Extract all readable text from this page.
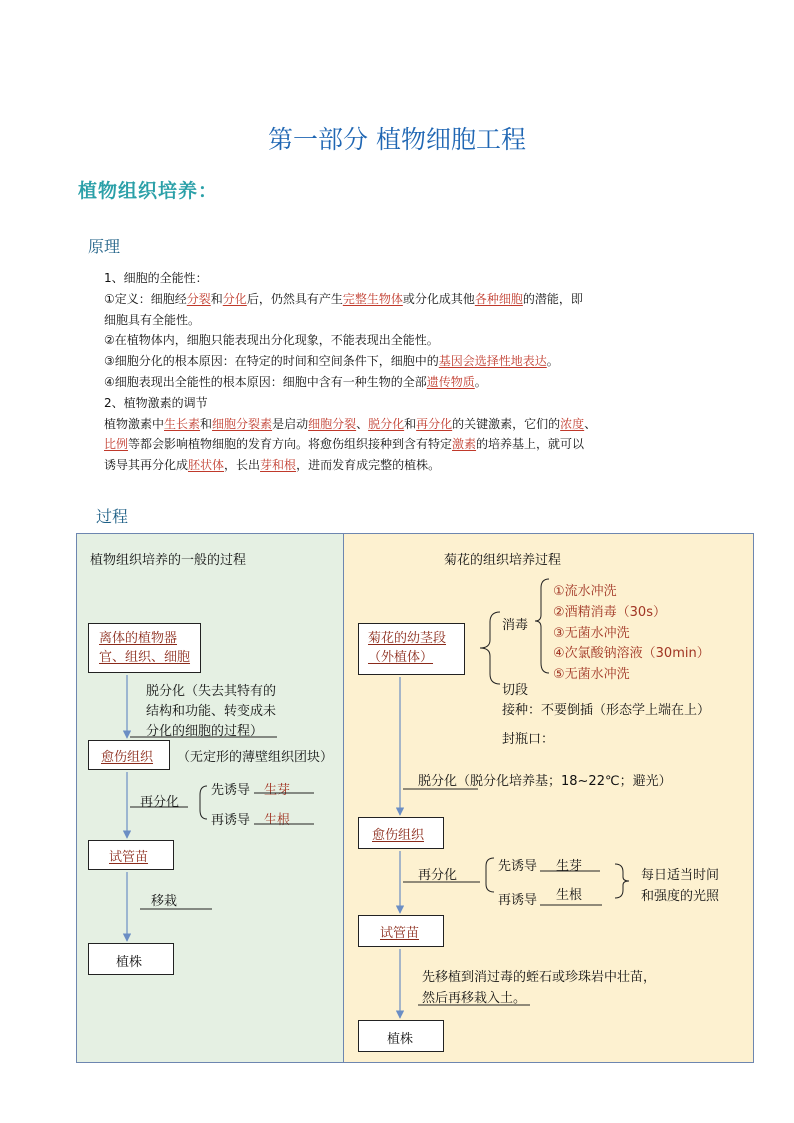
第一部分 植物细胞工程
植物组织培养：
原理
1、细胞的全能性：
①定义：细胞经分裂和分化后，仍然具有产生完整生物体或分化成其他各种细胞的潜能，即
细胞具有全能性。
②在植物体内，细胞只能表现出分化现象，不能表现出全能性。
③细胞分化的根本原因：在特定的时间和空间条件下，细胞中的基因会选择性地表达。
④细胞表现出全能性的根本原因：细胞中含有一种生物的全部遗传物质。
2、植物激素的调节
植物激素中生长素和细胞分裂素是启动细胞分裂、脱分化和再分化的关键激素，它们的浓度、
比例等都会影响植物细胞的发育方向。将愈伤组织接种到含有特定激素的培养基上，就可以
诱导其再分化成胚状体，长出芽和根，进而发育成完整的植株。
过程
植物组织培养的一般的过程
离体的植物器
官、组织、细胞
脱分化（失去其特有的
结构和功能、转变成未
分化的细胞的过程）
愈伤组织	（无定形的薄壁组织团块）
再分化
先诱导 生芽
再诱导 生根
试管苗
移栽
植株
菊花的组织培养过程
菊花的幼茎段
（外植体）
消毒
①流水冲洗
②酒精消毒（30s）
③无菌水冲洗
④次氯酸钠溶液（30min）
⑤无菌水冲洗
切段
接种：不要倒插（形态学上端在上）
封瓶口：
脱分化（脱分化培养基；18~22℃；避光）
愈伤组织
再分化
先诱导 生芽
再诱导 生根
每日适当时间
和强度的光照
试管苗
先移植到消过毒的蛭石或珍珠岩中壮苗，
然后再移栽入土。
植株
